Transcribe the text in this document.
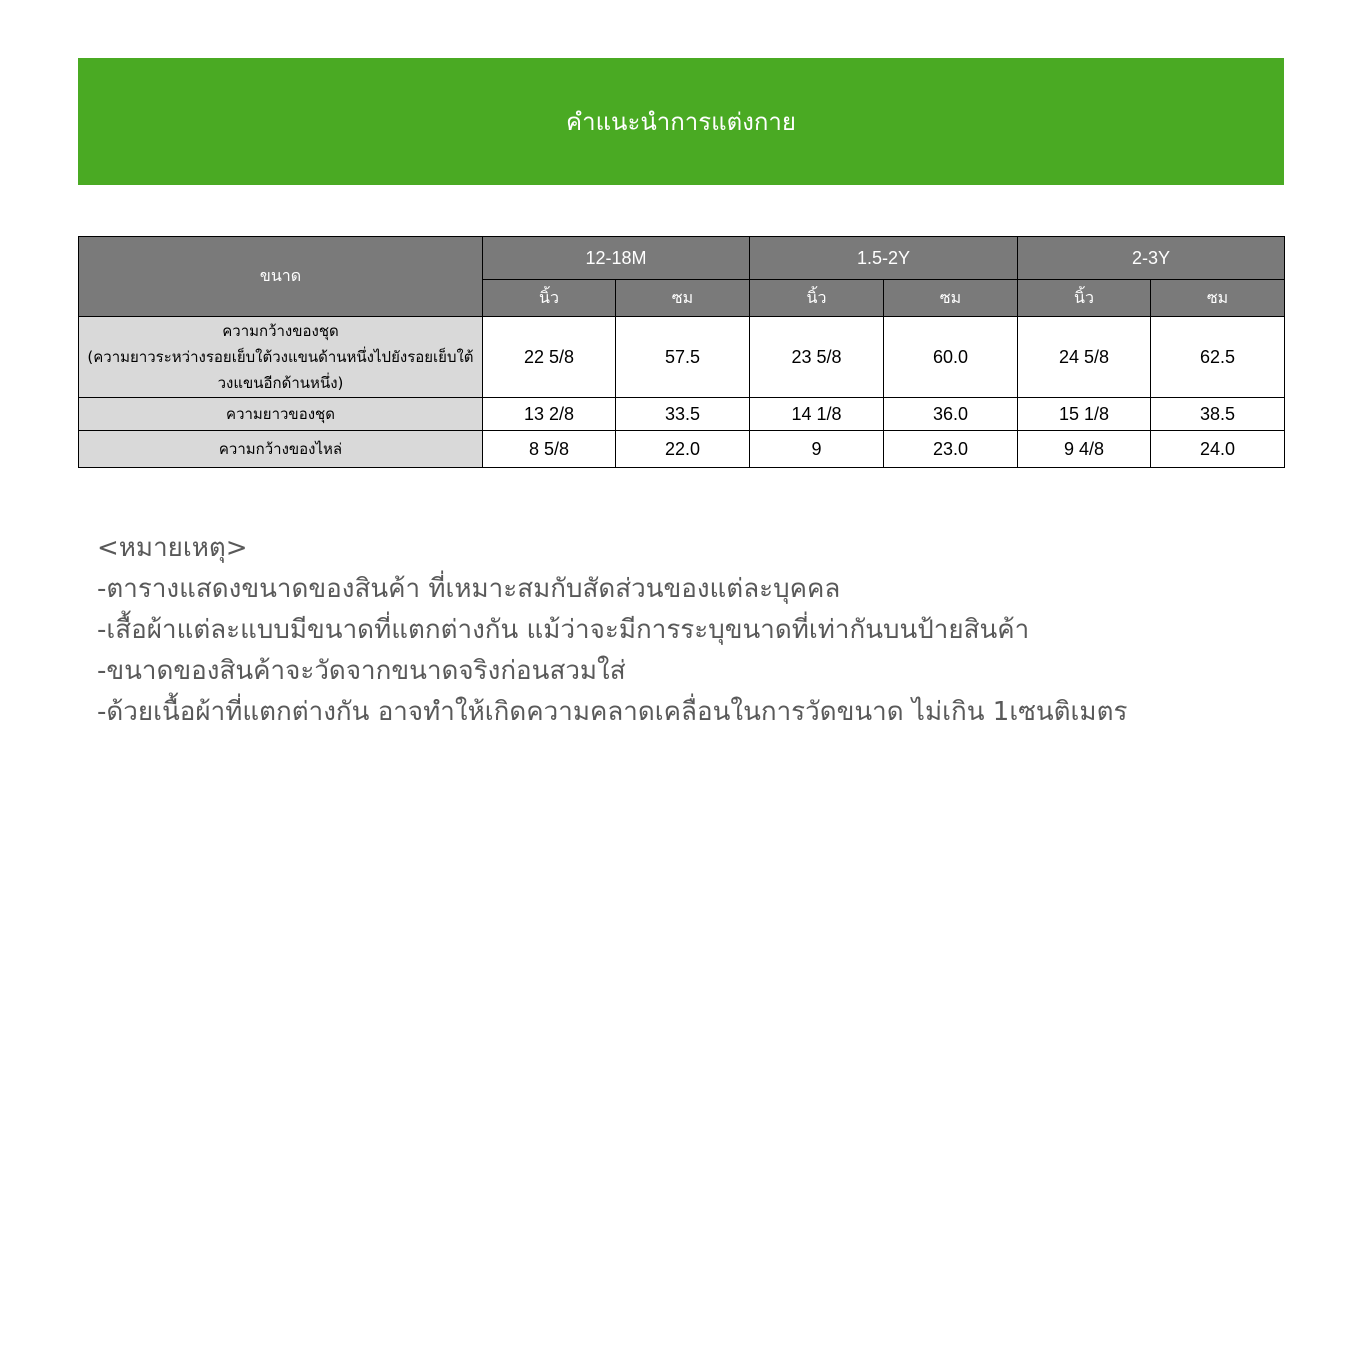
คำแนะนำการแต่งกาย
ขนาด	12-18M		1.5-2Y		2-3Y	
	นิ้ว	ซม	นิ้ว	ซม	นิ้ว	ซม

ความกว้างของชุด
(ความยาวระหว่างรอยเย็บใต้วงแขนด้านหนึ่งไปยังรอยเย็บใต้
วงแขนอีกด้านหนึ่ง)	22 5/8	57.5	23 5/8	60.0	24 5/8	62.5

ความยาวของชุด	13 2/8	33.5	14 1/8	36.0	15 1/8	38.5

ความกว้างของไหล่	8 5/8	22.0	9	23.0	9 4/8	24.0
<หมายเหตุ>
-ตารางแสดงขนาดของสินค้า ที่เหมาะสมกับสัดส่วนของแต่ละบุคคล
-เสื้อผ้าแต่ละแบบมีขนาดที่แตกต่างกัน แม้ว่าจะมีการระบุขนาดที่เท่ากันบนป้ายสินค้า
-ขนาดของสินค้าจะวัดจากขนาดจริงก่อนสวมใส่
-ด้วยเนื้อผ้าที่แตกต่างกัน อาจทำให้เกิดความคลาดเคลื่อนในการวัดขนาด ไม่เกิน 1เซนติเมตร
